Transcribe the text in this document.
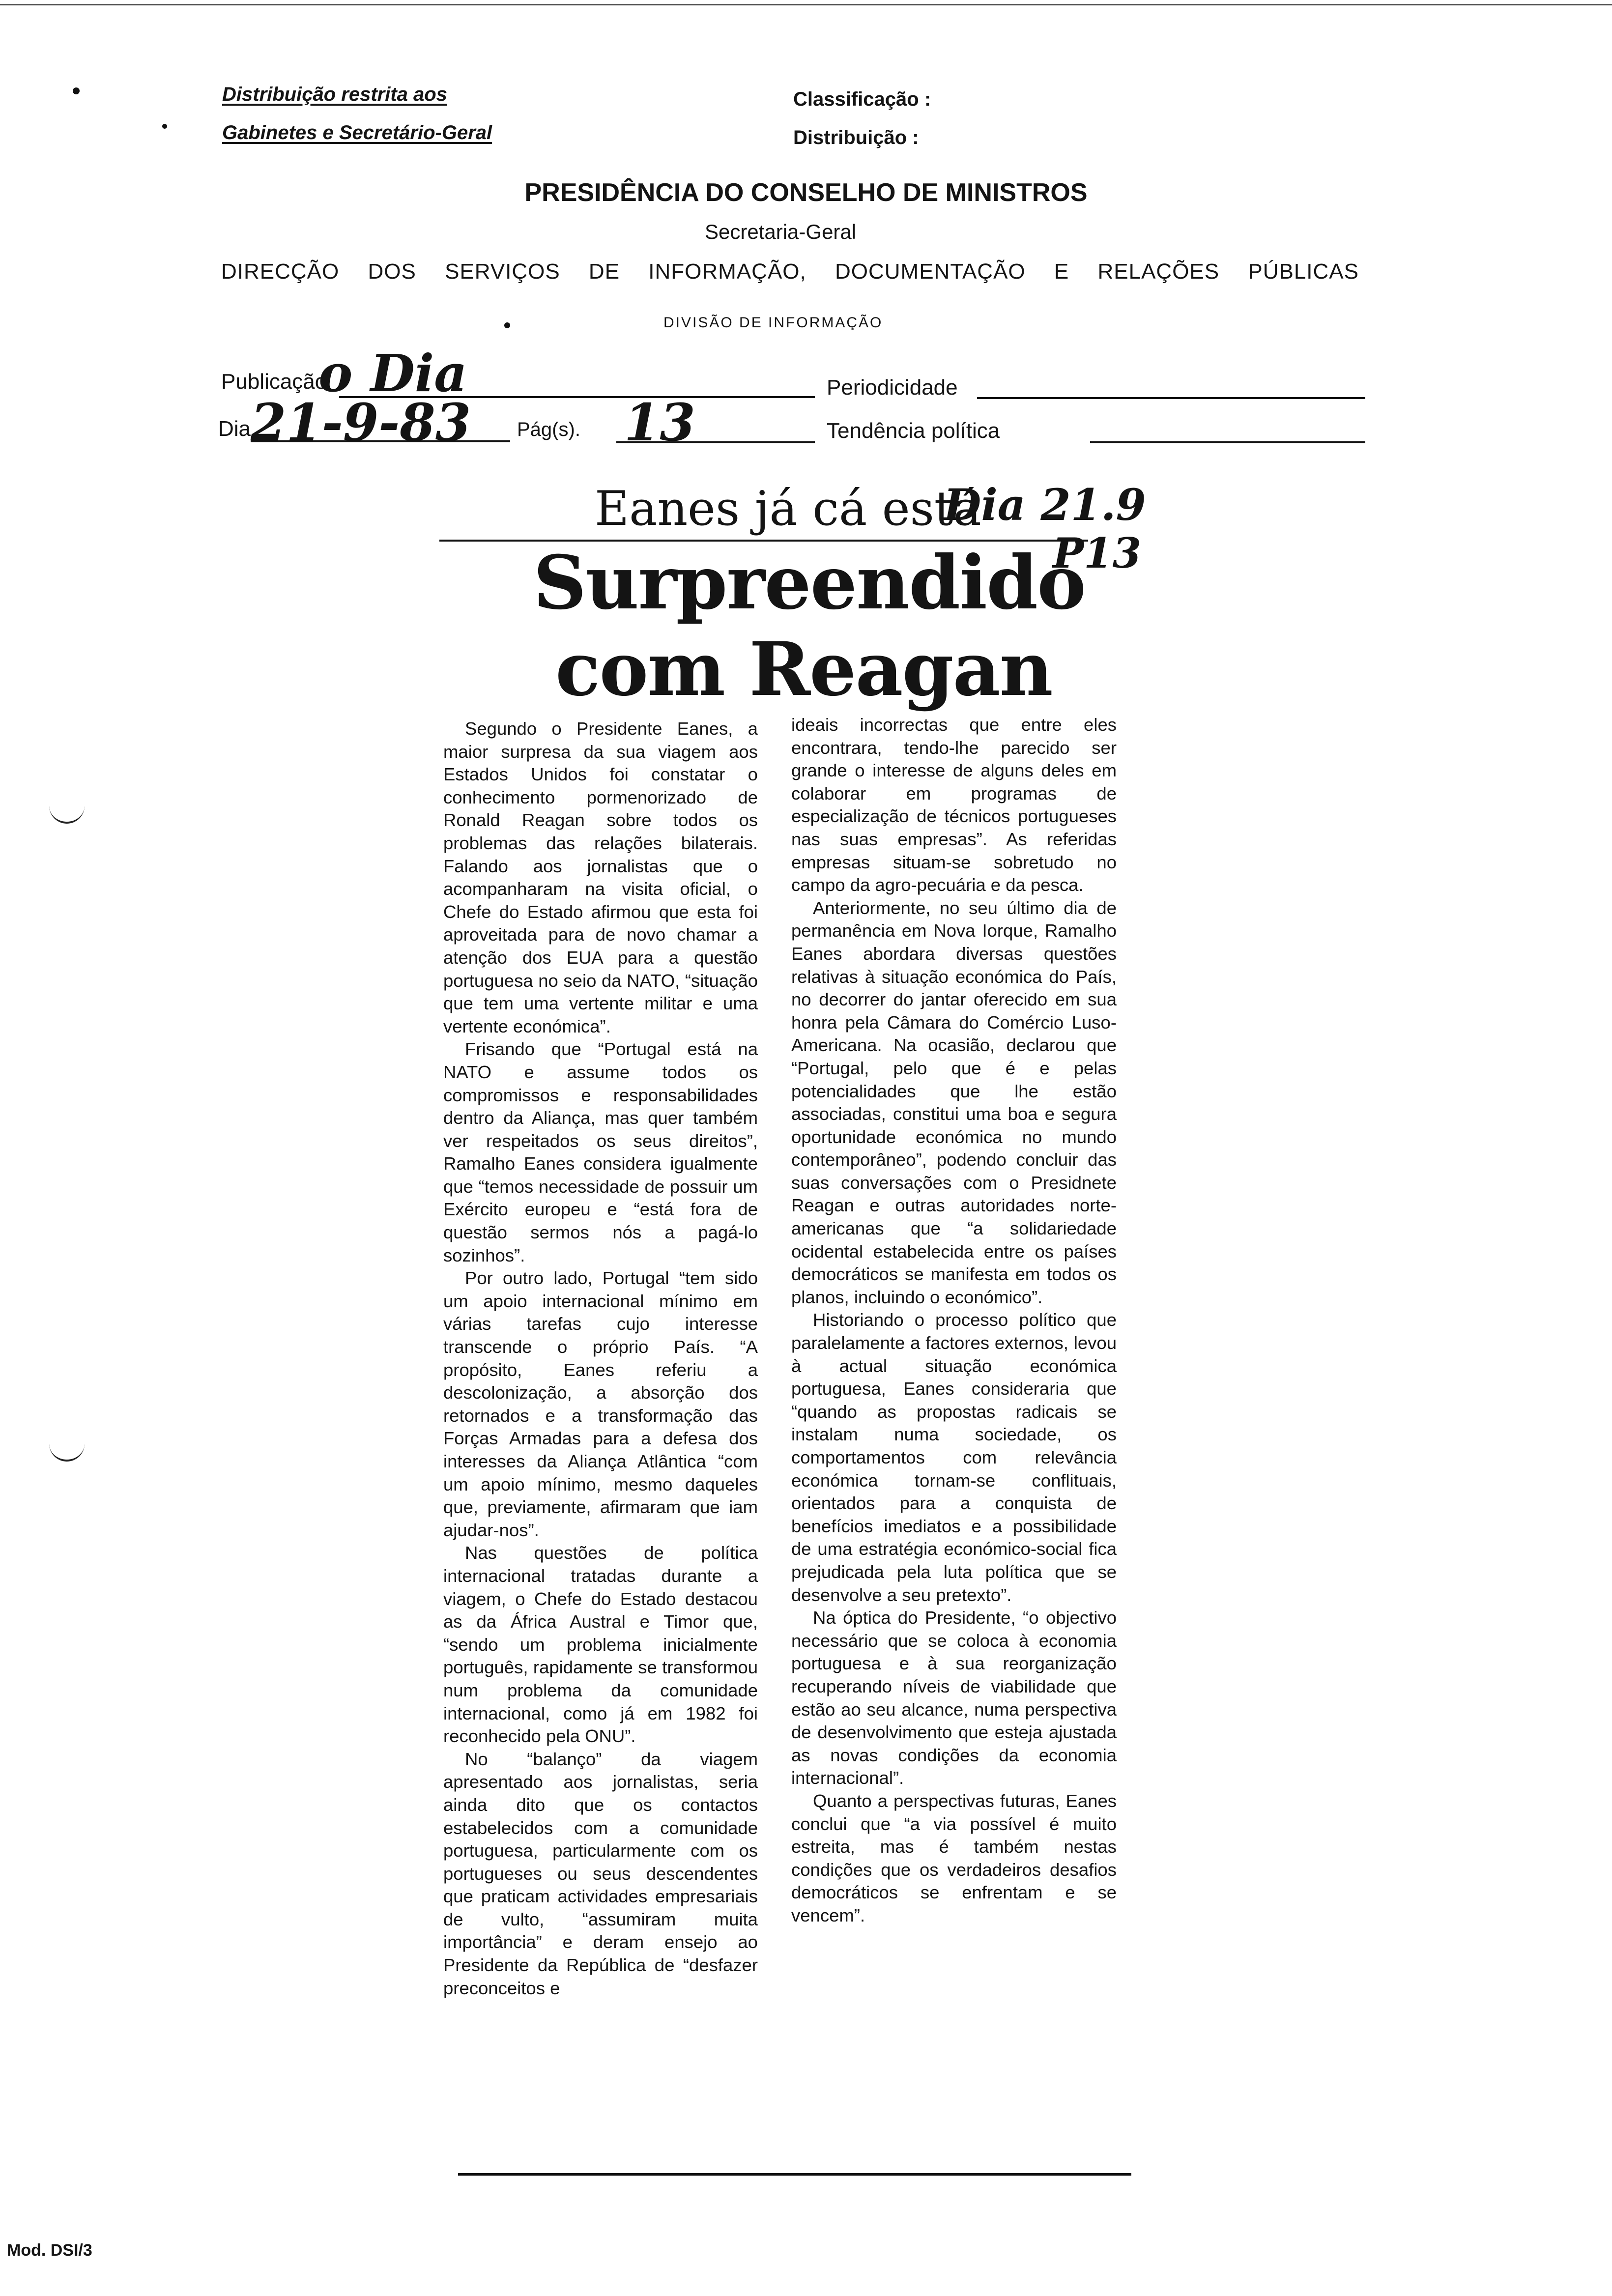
Distribuição restrita aos
Gabinetes e Secretário-Geral
Classificação :
Distribuição :
PRESIDÊNCIA DO CONSELHO DE MINISTROS
Secretaria-Geral
DIRECÇÃO DOS SERVIÇOS DE INFORMAÇÃO, DOCUMENTAÇÃO E RELAÇÕES PÚBLICAS
DIVISÃO DE INFORMAÇÃO
Publicação
o Dia	Periodicidade
Dia 21-9-83 Pág(s). 13	Tendência política
Eanes já cá está
Dia 21.9
P13
Surpreendido
com Reagan

Segundo o Presidente Eanes, a maior surpresa da sua viagem aos Estados Unidos foi constatar o conhecimento pormenorizado de Ronald Reagan sobre todos os problemas das relações bilaterais. Falando aos jornalistas que o acompanharam na visita oficial, o Chefe do Estado afirmou que esta foi aproveitada para de novo chamar a atenção dos EUA para a questão portuguesa no seio da NATO, “situação que tem uma vertente militar e uma vertente económica”.

Frisando que “Portugal está na NATO e assume todos os compromissos e responsabilidades dentro da Aliança, mas quer também ver respeitados os seus direitos”, Ramalho Eanes considera igualmente que “temos necessidade de possuir um Exército europeu e “está fora de questão sermos nós a pagá-lo sozinhos”.

Por outro lado, Portugal “tem sido um apoio internacional mínimo em várias tarefas cujo interesse transcende o próprio País. “A propósito, Eanes referiu a descolonização, a absorção dos retornados e a transformação das Forças Armadas para a defesa dos interesses da Aliança Atlântica “com um apoio mínimo, mesmo daqueles que, previamente, afirmaram que iam ajudar-nos”.

Nas questões de política internacional tratadas durante a viagem, o Chefe do Estado destacou as da África Austral e Timor que, “sendo um problema inicialmente português, rapidamente se transformou num problema da comunidade internacional, como já em 1982 foi reconhecido pela ONU”.

No “balanço” da viagem apresentado aos jornalistas, seria ainda dito que os contactos estabelecidos com a comunidade portuguesa, particularmente com os portugueses ou seus descendentes que praticam actividades empresariais de vulto, “assumiram muita importância” e deram ensejo ao Presidente da República de “desfazer preconceitos e

ideais incorrectas que entre eles encontrara, tendo-lhe parecido ser grande o interesse de alguns deles em colaborar em programas de especialização de técnicos portugueses nas suas empresas”. As referidas empresas situam-se sobretudo no campo da agro-pecuária e da pesca.

Anteriormente, no seu último dia de permanência em Nova Iorque, Ramalho Eanes abordara diversas questões relativas à situação económica do País, no decorrer do jantar oferecido em sua honra pela Câmara do Comércio Luso-Americana. Na ocasião, declarou que “Portugal, pelo que é e pelas potencialidades que lhe estão associadas, constitui uma boa e segura oportunidade económica no mundo contemporâneo”, podendo concluir das suas conversações com o Presidnete Reagan e outras autoridades norte-americanas que “a solidariedade ocidental estabelecida entre os países democráticos se manifesta em todos os planos, incluindo o económico”.

Historiando o processo político que paralelamente a factores externos, levou à actual situação económica portuguesa, Eanes consideraria que “quando as propostas radicais se instalam numa sociedade, os comportamentos com relevância económica tornam-se conflituais, orientados para a conquista de benefícios imediatos e a possibilidade de uma estratégia económico-social fica prejudicada pela luta política que se desenvolve a seu pretexto”.

Na óptica do Presidente, “o objectivo necessário que se coloca à economia portuguesa e à sua reorganização recuperando níveis de viabilidade que estão ao seu alcance, numa perspectiva de desenvolvimento que esteja ajustada as novas condições da economia internacional”.

Quanto a perspectivas futuras, Eanes conclui que “a via possível é muito estreita, mas é também nestas condições que os verdadeiros desafios democráticos se enfrentam e se vencem”.

Mod. DSI/3
